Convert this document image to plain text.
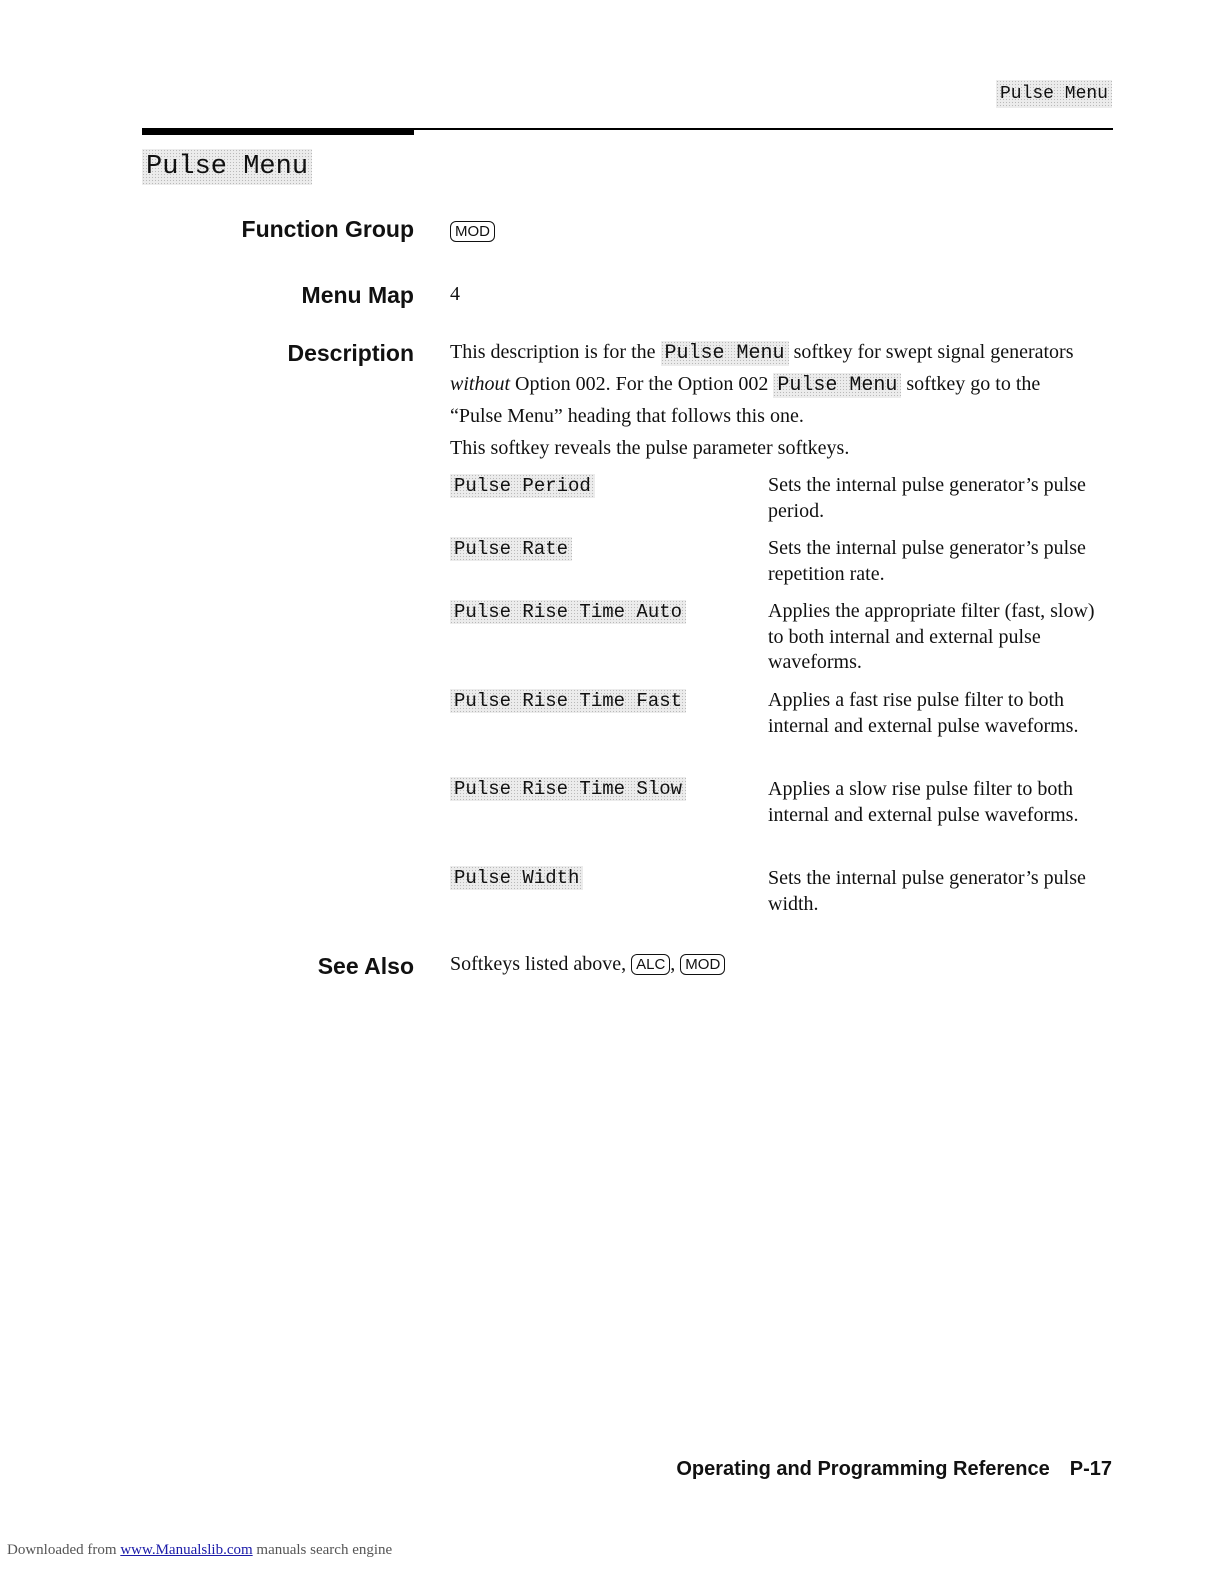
Pulse Menu
Pulse Menu
Function Group	MOD
Menu Map 4
Description This description is for the Pulse Menu softkey for swept signal generators without Option 002. For the Option 002 Pulse Menu softkey go to the “Pulse Menu” heading that follows this one.
This softkey reveals the pulse parameter softkeys.
Pulse Period	Sets the internal pulse generator’s pulse period.
Pulse Rate	Sets the internal pulse generator’s pulse repetition rate.
Pulse Rise Time Auto	Applies the appropriate filter (fast, slow) to both internal and external pulse waveforms.
Pulse Rise Time Fast	Applies a fast rise pulse filter to both internal and external pulse waveforms.
Pulse Rise Time Slow	Applies a slow rise pulse filter to both internal and external pulse waveforms.
Pulse Width	Sets the internal pulse generator’s pulse width.
See Also Softkeys listed above, ALC , MOD
Operating and Programming Reference P-17
Downloaded from www.Manualslib.com manuals search engine
